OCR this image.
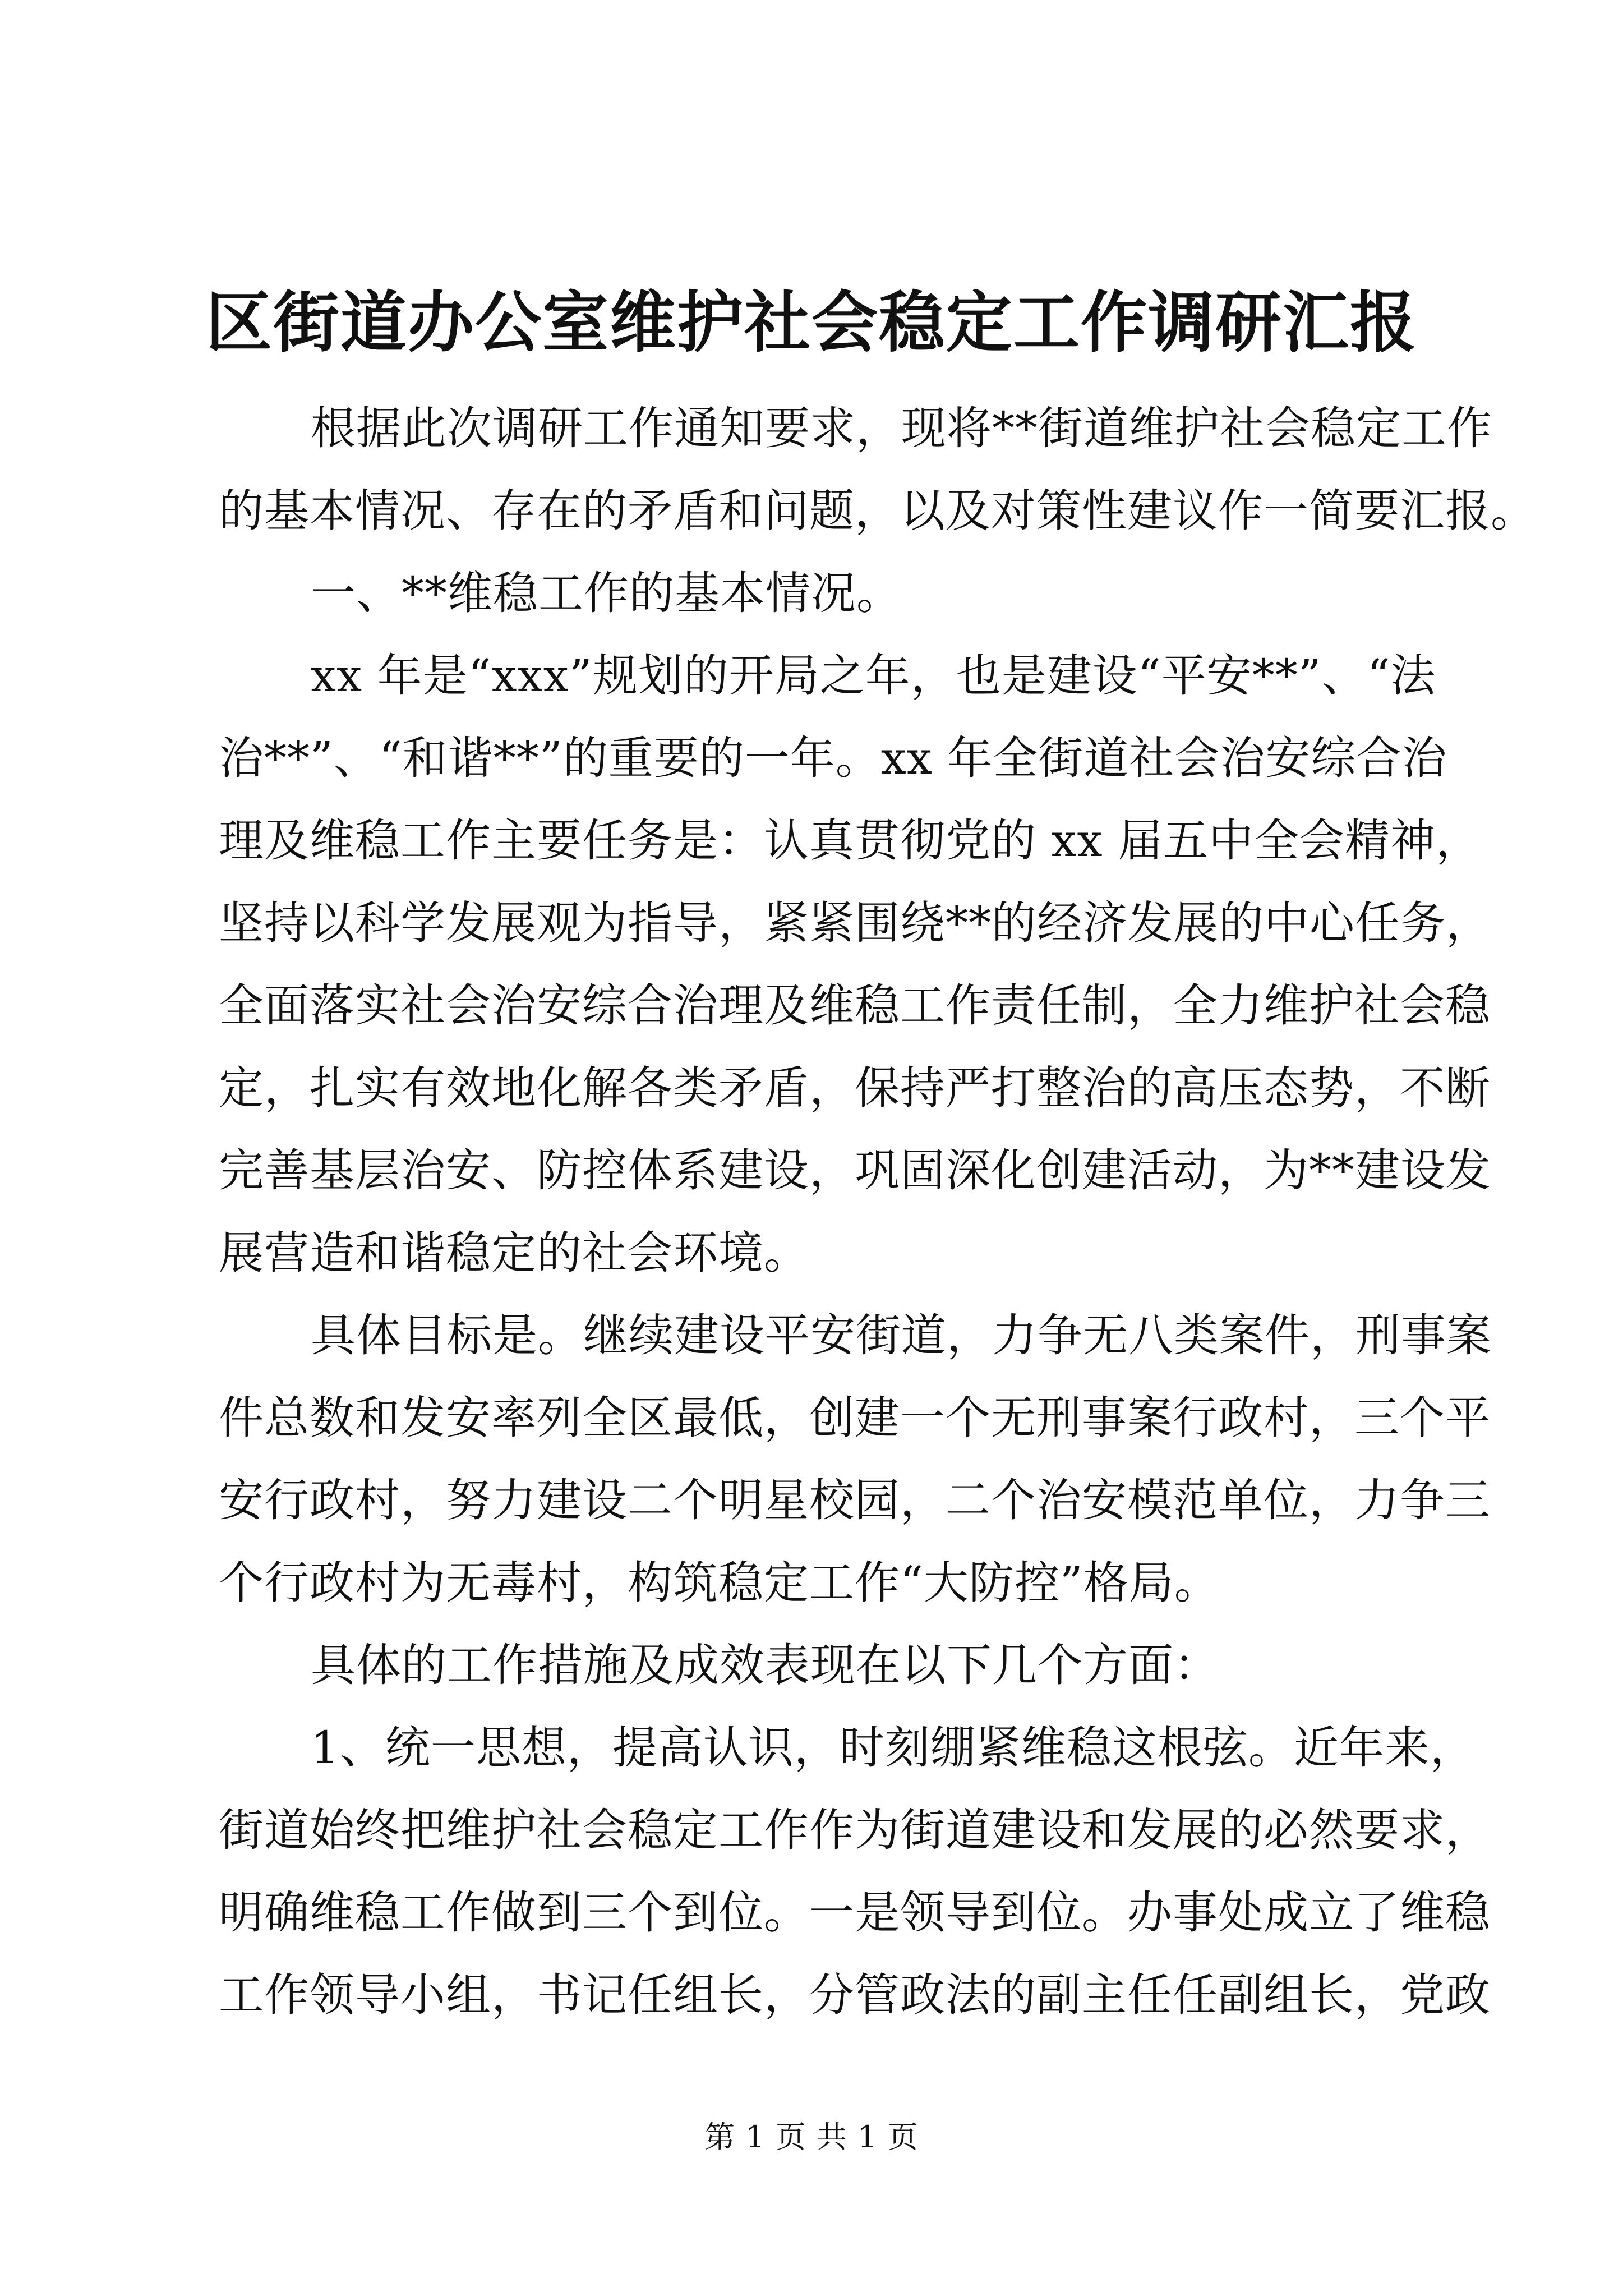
区街道办公室维护社会稳定工作调研汇报
根据此次调研工作通知要求，现将**街道维护社会稳定工作
的基本情况、存在的矛盾和问题，以及对策性建议作一简要汇报。
一、**维稳工作的基本情况。
xx 年是“xxx”规划的开局之年，也是建设“平安**”、“法
治**”、“和谐**”的重要的一年。xx 年全街道社会治安综合治
理及维稳工作主要任务是：认真贯彻党的 xx 届五中全会精神，
坚持以科学发展观为指导，紧紧围绕**的经济发展的中心任务，
全面落实社会治安综合治理及维稳工作责任制，全力维护社会稳
定，扎实有效地化解各类矛盾，保持严打整治的高压态势，不断
完善基层治安、防控体系建设，巩固深化创建活动，为**建设发
展营造和谐稳定的社会环境。
具体目标是。继续建设平安街道，力争无八类案件，刑事案
件总数和发安率列全区最低，创建一个无刑事案行政村，三个平
安行政村，努力建设二个明星校园，二个治安模范单位，力争三
个行政村为无毒村，构筑稳定工作“大防控”格局。
具体的工作措施及成效表现在以下几个方面：
1、统一思想，提高认识，时刻绷紧维稳这根弦。近年来，
街道始终把维护社会稳定工作作为街道建设和发展的必然要求，
明确维稳工作做到三个到位。一是领导到位。办事处成立了维稳
工作领导小组，书记任组长，分管政法的副主任任副组长，党政
第 1 页 共 1 页
